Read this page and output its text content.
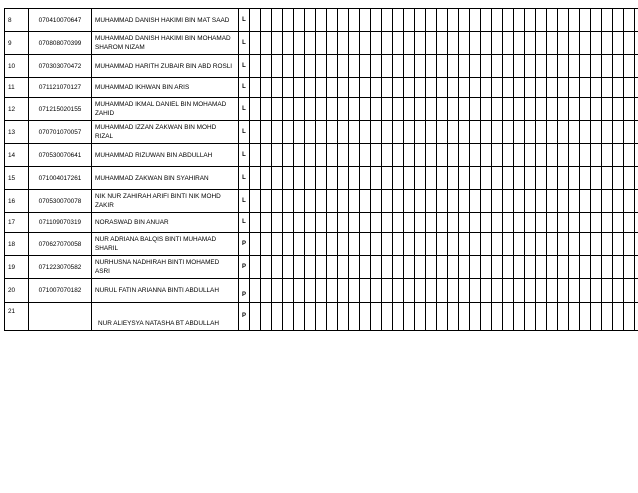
8	070410070647	MUHAMMAD DANISH HAKIMI BIN MAT SAAD	L																																						
9	070808070399	MUHAMMAD DANISH HAKIMI BIN MOHAMAD SHAROM NIZAM	L																																						
10	070303070472	MUHAMMAD HARITH ZUBAIR BIN ABD ROSLI	L																																						
11	071121070127	MUHAMMAD IKHWAN BIN ARIS	L																																						
12	071215020155	MUHAMMAD IKMAL DANIEL BIN MOHAMAD ZAHID	L																																						
13	070701070057	MUHAMMAD IZZAN ZAKWAN BIN MOHD RIZAL	L																																						
14	070530070641	MUHAMMAD RIZUWAN BIN ABDULLAH	L																																						
15	071004017261	MUHAMMAD ZAKWAN BIN SYAHIRAN	L																																						
16	070530070078	NIK NUR ZAHIRAH ARIFI BINTI NIK MOHD ZAKIR	L																																						
17	071109070319	NORASWAD BIN ANUAR	L																																						
18	070627070058	NUR ADRIANA BALQIS BINTI MUHAMAD SHARIL	P																																						
19	071223070582	NURHUSNA NADHIRAH BINTI MOHAMED ASRI	P																																						
20	071007070182	NURUL FATIN ARIANNA BINTI ABDULLAH	P																																						
21		NUR ALIEYSYA NATASHA BT ABDULLAH	P																																						
